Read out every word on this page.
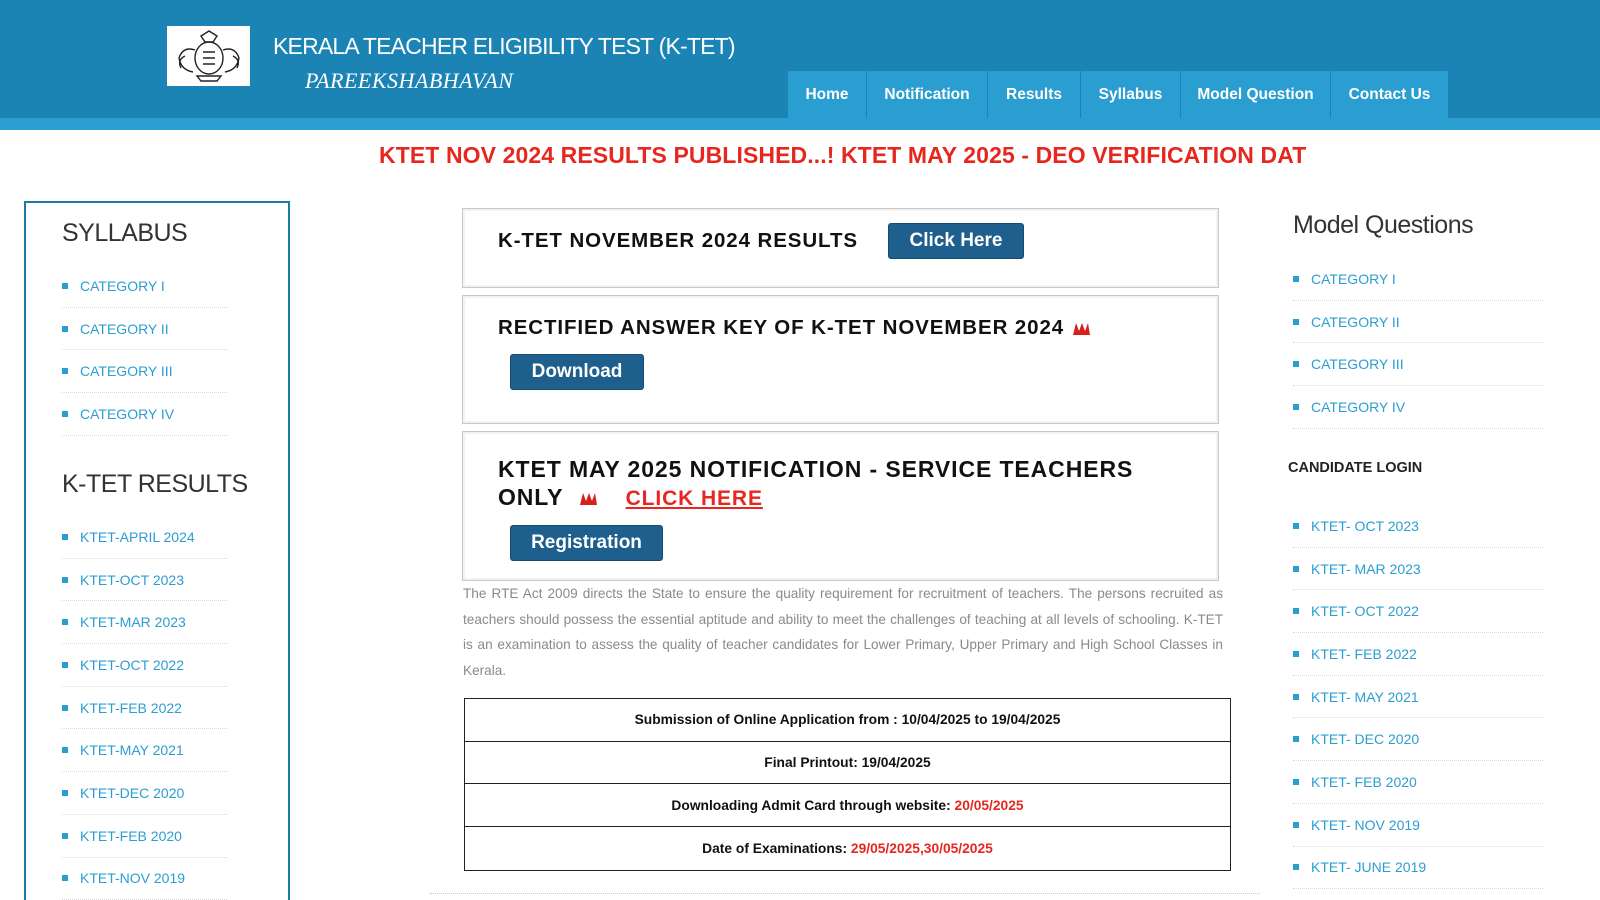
KERALA TEACHER ELIGIBILITY TEST (K-TET)
PAREEKSHABHAVAN
Home	Notification	Results	Syllabus	Model Question	Contact Us
KTET NOV 2024 RESULTS PUBLISHED...! KTET MAY 2025 - DEO VERIFICATION DAT
SYLLABUS
CATEGORY I
CATEGORY II
CATEGORY III
CATEGORY IV
K-TET RESULTS
KTET-APRIL 2024
KTET-OCT 2023
KTET-MAR 2023
KTET-OCT 2022
KTET-FEB 2022
KTET-MAY 2021
KTET-DEC 2020
KTET-FEB 2020
KTET-NOV 2019
K-TET NOVEMBER 2024 RESULTS	Click Here
RECTIFIED ANSWER KEY OF K-TET NOVEMBER 2024
Download
KTET MAY 2025 NOTIFICATION - SERVICE TEACHERS
ONLY	CLICK HERE
Registration
The RTE Act 2009 directs the State to ensure the quality requirement for recruitment of teachers. The persons recruited as teachers should possess the essential aptitude and ability to meet the challenges of teaching at all levels of schooling. K-TET is an examination to assess the quality of teacher candidates for Lower Primary, Upper Primary and High School Classes in Kerala.
Submission of Online Application from : 10/04/2025 to 19/04/2025
Final Printout: 19/04/2025
Downloading Admit Card through website: 20/05/2025
Date of Examinations: 29/05/2025,30/05/2025
Model Questions
CATEGORY I
CATEGORY II
CATEGORY III
CATEGORY IV
CANDIDATE LOGIN
KTET- OCT 2023
KTET- MAR 2023
KTET- OCT 2022
KTET- FEB 2022
KTET- MAY 2021
KTET- DEC 2020
KTET- FEB 2020
KTET- NOV 2019
KTET- JUNE 2019
